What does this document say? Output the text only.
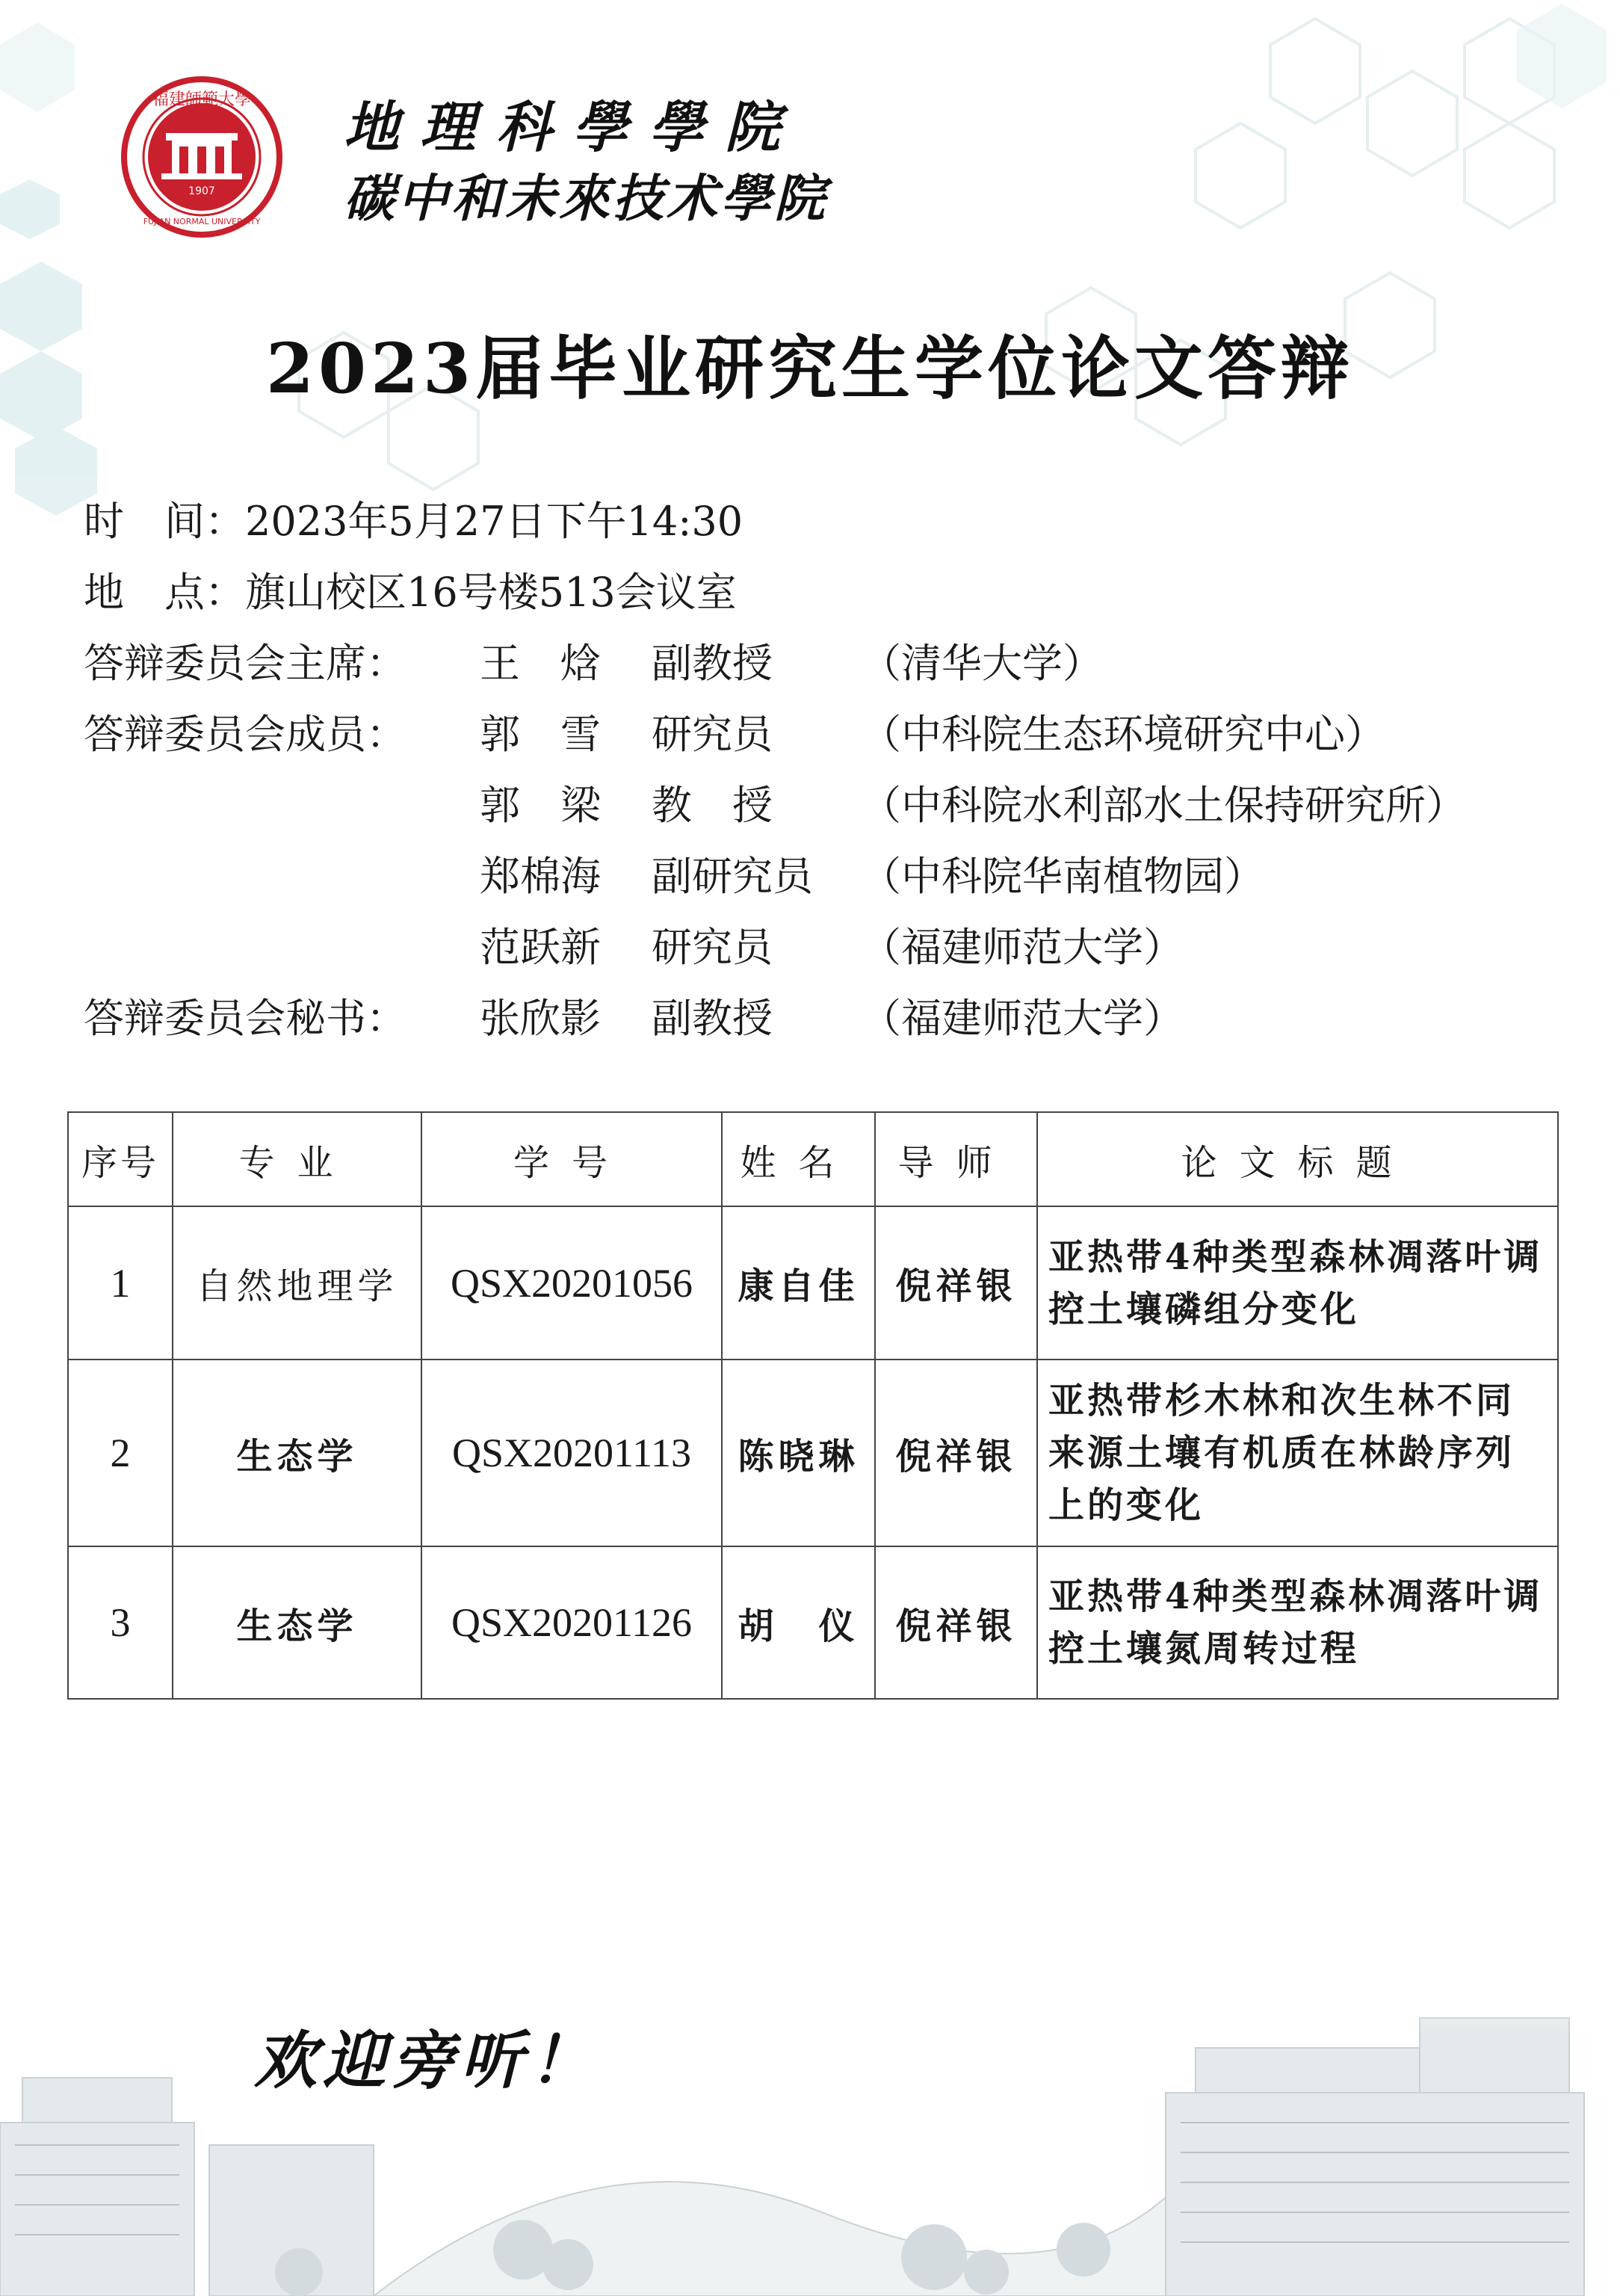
福建師範大學
FUJIAN NORMAL UNIVERSITY
1907
地理科學學院
碳中和未來技术學院
2023届毕业研究生学位论文答辩
时　间：2023年5月27日下午14:30
地　点：旗山校区16号楼513会议室
答辩委员会主席： 王　焓 副教授 （清华大学）
答辩委员会成员： 郭　雪 研究员 （中科院生态环境研究中心）
郭　梁 教　授 （中科院水利部水土保持研究所）
郑棉海 副研究员 （中科院华南植物园）
范跃新 研究员 （福建师范大学）
答辩委员会秘书： 张欣影 副教授 （福建师范大学）
序号	专业	学号	姓名	导师	论文标题
1	自然地理学	QSX20201056	康自佳	倪祥银	亚热带4种类型森林凋落叶调控土壤磷组分变化
2	生态学	QSX20201113	陈晓琳	倪祥银	亚热带杉木林和次生林不同来源土壤有机质在林龄序列上的变化
3	生态学	QSX20201126	胡　仪	倪祥银	亚热带4种类型森林凋落叶调控土壤氮周转过程
欢迎旁听！
